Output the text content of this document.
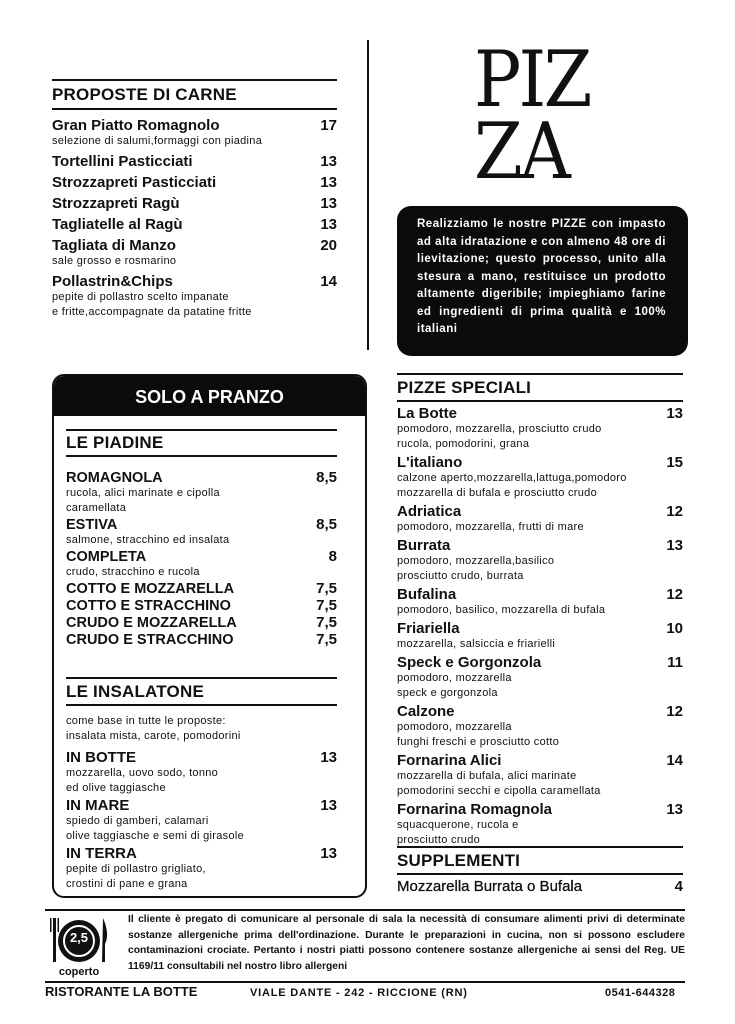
PROPOSTE DI CARNE
Gran Piatto Romagnolo	17
selezione di salumi,formaggi con piadina
Tortellini Pasticciati	13
Strozzapreti Pasticciati	13
Strozzapreti Ragù	13
Tagliatelle al Ragù	13
Tagliata di Manzo	20
sale grosso e rosmarino
Pollastrin&Chips	14
pepite di pollastro scelto impanate
e fritte,accompagnate da patatine fritte
PIZ
ZA
Realizziamo le nostre PIZZE con impasto ad alta idratazione e con almeno 48 ore di lievitazione; questo processo, unito alla stesura a mano, restituisce un prodotto altamente digeribile; impieghiamo farine ed ingredienti di prima qualità e 100% italiani
SOLO A PRANZO
LE PIADINE
ROMAGNOLA	8,5
rucola, alici marinate e cipolla
caramellata
ESTIVA	8,5
salmone, stracchino ed insalata
COMPLETA	8
crudo, stracchino e rucola
COTTO E MOZZARELLA	7,5
COTTO E STRACCHINO	7,5
CRUDO E MOZZARELLA	7,5
CRUDO E STRACCHINO	7,5
LE INSALATONE
come base in tutte le proposte:
insalata mista, carote, pomodorini
IN BOTTE	13
mozzarella, uovo sodo, tonno
ed olive taggiasche
IN MARE	13
spiedo di gamberi, calamari
olive taggiasche e semi di girasole
IN TERRA	13
pepite di pollastro grigliato,
crostini di pane e grana
PIZZE SPECIALI
La Botte	13
pomodoro, mozzarella, prosciutto crudo
rucola, pomodorini, grana
L'italiano	15
calzone aperto,mozzarella,lattuga,pomodoro
mozzarella di bufala e prosciutto crudo
Adriatica	12
pomodoro, mozzarella, frutti di mare
Burrata	13
pomodoro, mozzarella,basilico
prosciutto crudo, burrata
Bufalina	12
pomodoro, basilico, mozzarella di bufala
Friariella	10
mozzarella, salsiccia e friarielli
Speck e Gorgonzola	11
pomodoro, mozzarella
speck e gorgonzola
Calzone	12
pomodoro, mozzarella
funghi freschi e prosciutto cotto
Fornarina Alici	14
mozzarella di bufala, alici marinate
pomodorini secchi e cipolla caramellata
Fornarina Romagnola	13
squacquerone, rucola e
prosciutto crudo
SUPPLEMENTI
Mozzarella Burrata o Bufala	4
2,5
coperto
Il cliente è pregato di comunicare al personale di sala la necessità di consumare alimenti privi di determinate sostanze allergeniche prima dell'ordinazione. Durante le preparazioni in cucina, non si possono escludere contaminazioni crociate. Pertanto i nostri piatti possono contenere sostanze allergeniche ai sensi del Reg. UE 1169/11 consultabili nel nostro libro allergeni
RISTORANTE LA BOTTE	VIALE DANTE - 242 - RICCIONE (RN)	0541-644328
